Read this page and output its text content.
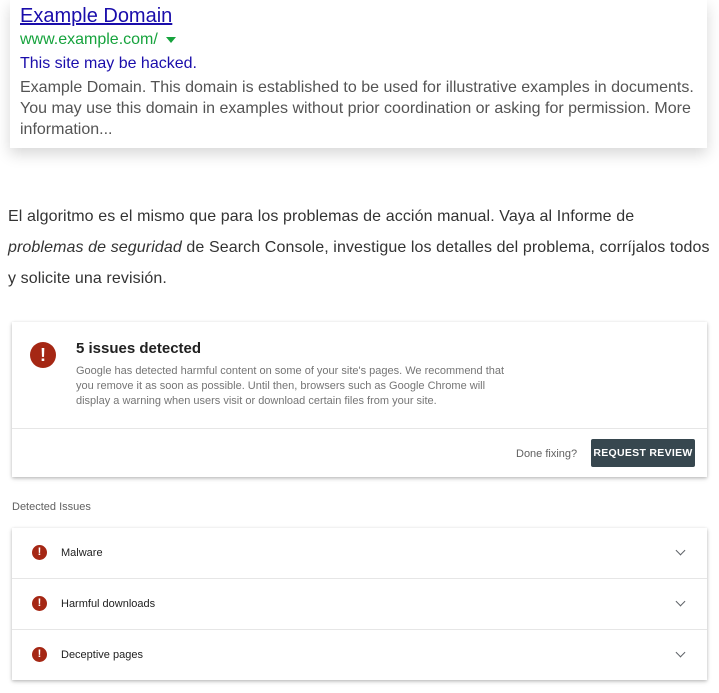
Example Domain
www.example.com/
This site may be hacked.
Example Domain. This domain is established to be used for illustrative examples in documents. You may use this domain in examples without prior coordination or asking for permission. More information...
El algoritmo es el mismo que para los problemas de acción manual. Vaya al Informe de problemas de seguridad de Search Console, investigue los detalles del problema, corríjalos todos y solicite una revisión.
!	5 issues detected
Google has detected harmful content on some of your site's pages. We recommend that you remove it as soon as possible. Until then, browsers such as Google Chrome will display a warning when users visit or download certain files from your site.
Done fixing? REQUEST REVIEW
Detected Issues
!	Malware
!	Harmful downloads
!	Deceptive pages
